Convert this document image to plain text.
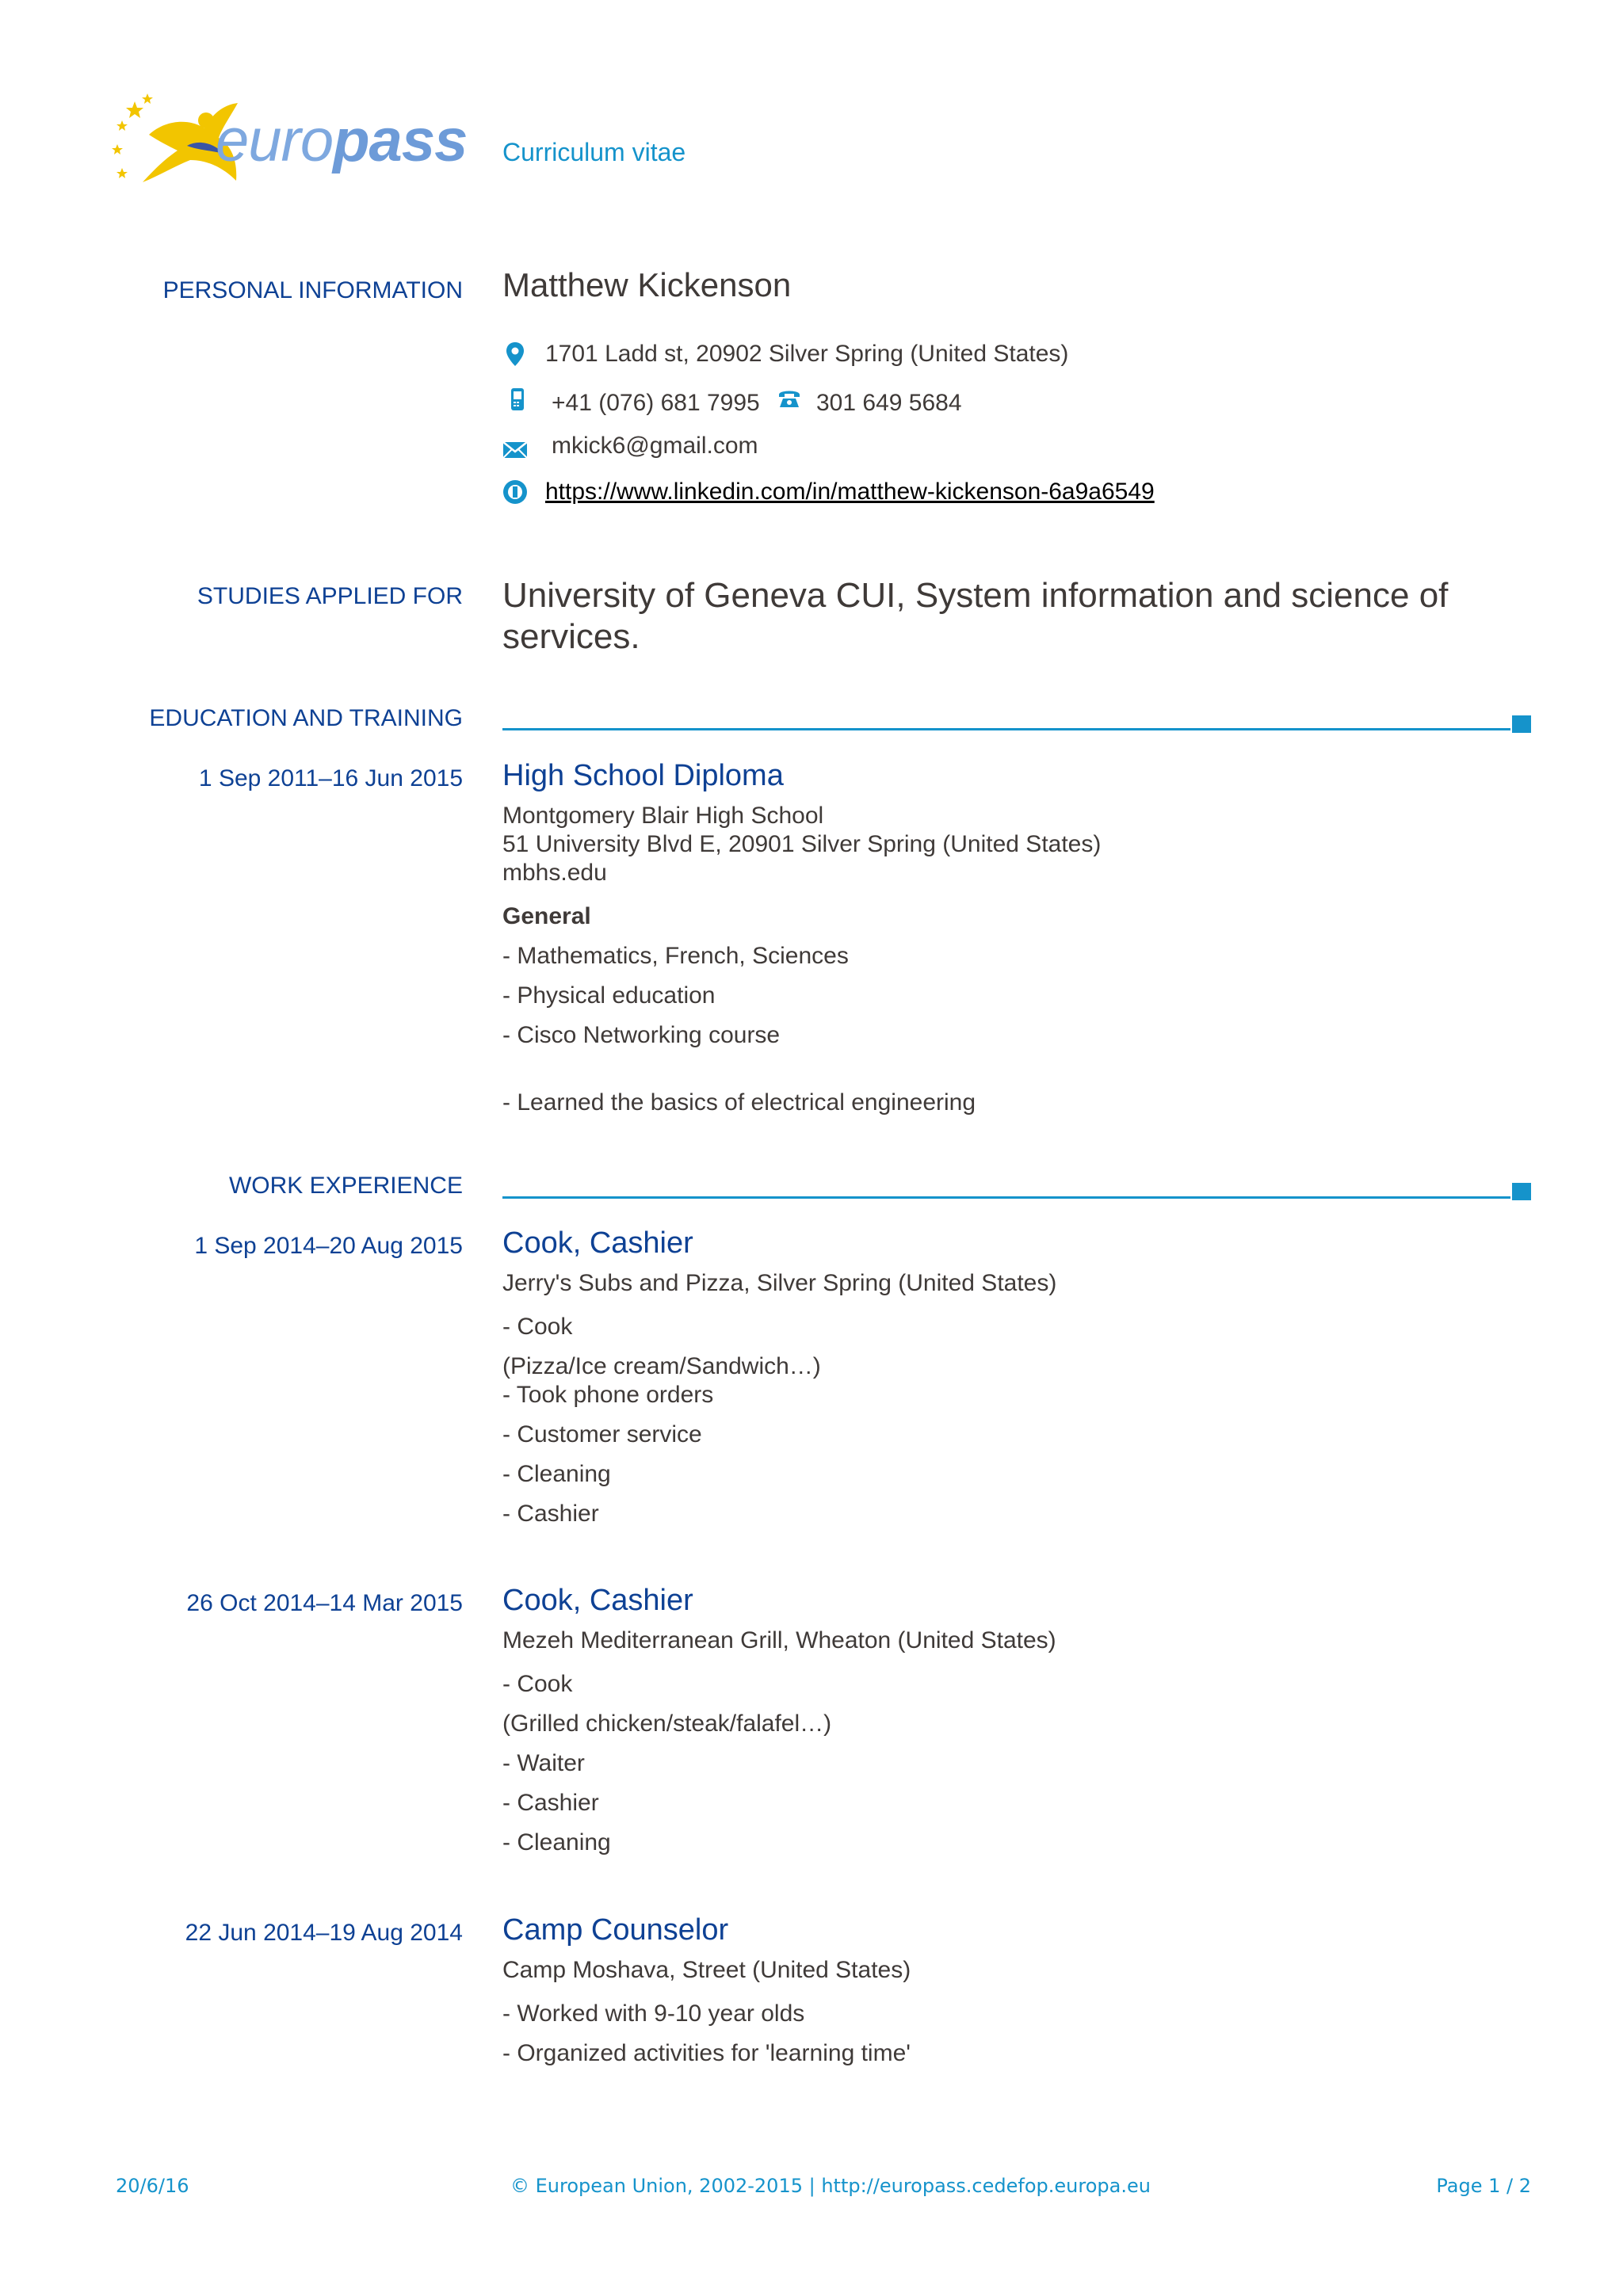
europass Curriculum vitae
PERSONAL INFORMATION Matthew Kickenson
1701 Ladd st, 20902 Silver Spring (United States)
+41 (076) 681 7995 301 649 5684
mkick6@gmail.com
https://www.linkedin.com/in/matthew-kickenson-6a9a6549
STUDIES APPLIED FOR University of Geneva CUI, System information and science of services.
EDUCATION AND TRAINING
1 Sep 2011–16 Jun 2015 High School Diploma
Montgomery Blair High School
51 University Blvd E, 20901 Silver Spring (United States)
mbhs.edu
General
- Mathematics, French, Sciences
- Physical education
- Cisco Networking course
- Learned the basics of electrical engineering
WORK EXPERIENCE
1 Sep 2014–20 Aug 2015 Cook, Cashier
Jerry's Subs and Pizza, Silver Spring (United States)
- Cook
(Pizza/Ice cream/Sandwich…)
- Took phone orders
- Customer service
- Cleaning
- Cashier
26 Oct 2014–14 Mar 2015 Cook, Cashier
Mezeh Mediterranean Grill, Wheaton (United States)
- Cook
(Grilled chicken/steak/falafel…)
- Waiter
- Cashier
- Cleaning
22 Jun 2014–19 Aug 2014 Camp Counselor
Camp Moshava, Street (United States)
- Worked with 9-10 year olds
- Organized activities for 'learning time'
20/6/16	© European Union, 2002-2015 | http://europass.cedefop.europa.eu	Page 1 / 2
